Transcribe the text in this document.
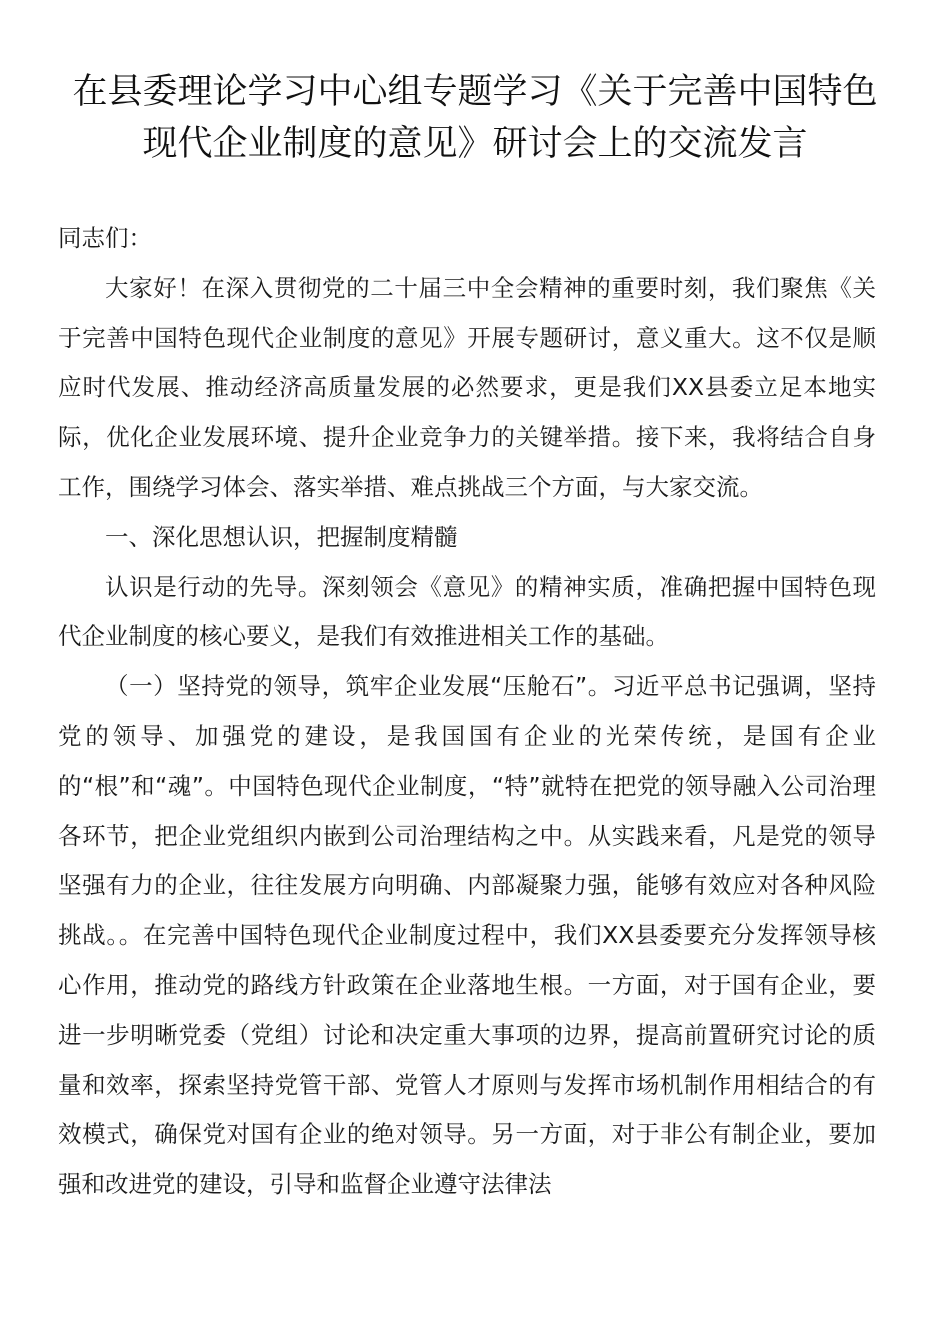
在县委理论学习中心组专题学习《关于完善中国特色
现代企业制度的意见》研讨会上的交流发言

同志们：

大家好！在深入贯彻党的二十届三中全会精神的重要时刻，我们聚焦《关于完善中国特色现代企业制度的意见》开展专题研讨，意义重大。这不仅是顺应时代发展、推动经济高质量发展的必然要求，更是我们XX县委立足本地实际，优化企业发展环境、提升企业竞争力的关键举措。接下来，我将结合自身工作，围绕学习体会、落实举措、难点挑战三个方面，与大家交流。

一、深化思想认识，把握制度精髓

认识是行动的先导。深刻领会《意见》的精神实质，准确把握中国特色现代企业制度的核心要义，是我们有效推进相关工作的基础。

（一）坚持党的领导，筑牢企业发展“压舱石”。习近平总书记强调，坚持党的领导、加强党的建设，是我国国有企业的光荣传统，是国有企业的“根”和“魂”。中国特色现代企业制度，“特”就特在把党的领导融入公司治理各环节，把企业党组织内嵌到公司治理结构之中。从实践来看，凡是党的领导坚强有力的企业，往往发展方向明确、内部凝聚力强，能够有效应对各种风险挑战。。在完善中国特色现代企业制度过程中，我们XX县委要充分发挥领导核心作用，推动党的路线方针政策在企业落地生根。一方面，对于国有企业，要进一步明晰党委（党组）讨论和决定重大事项的边界，提高前置研究讨论的质量和效率，探索坚持党管干部、党管人才原则与发挥市场机制作用相结合的有效模式，确保党对国有企业的绝对领导。另一方面，对于非公有制企业，要加强和改进党的建设，引导和监督企业遵守法律法
